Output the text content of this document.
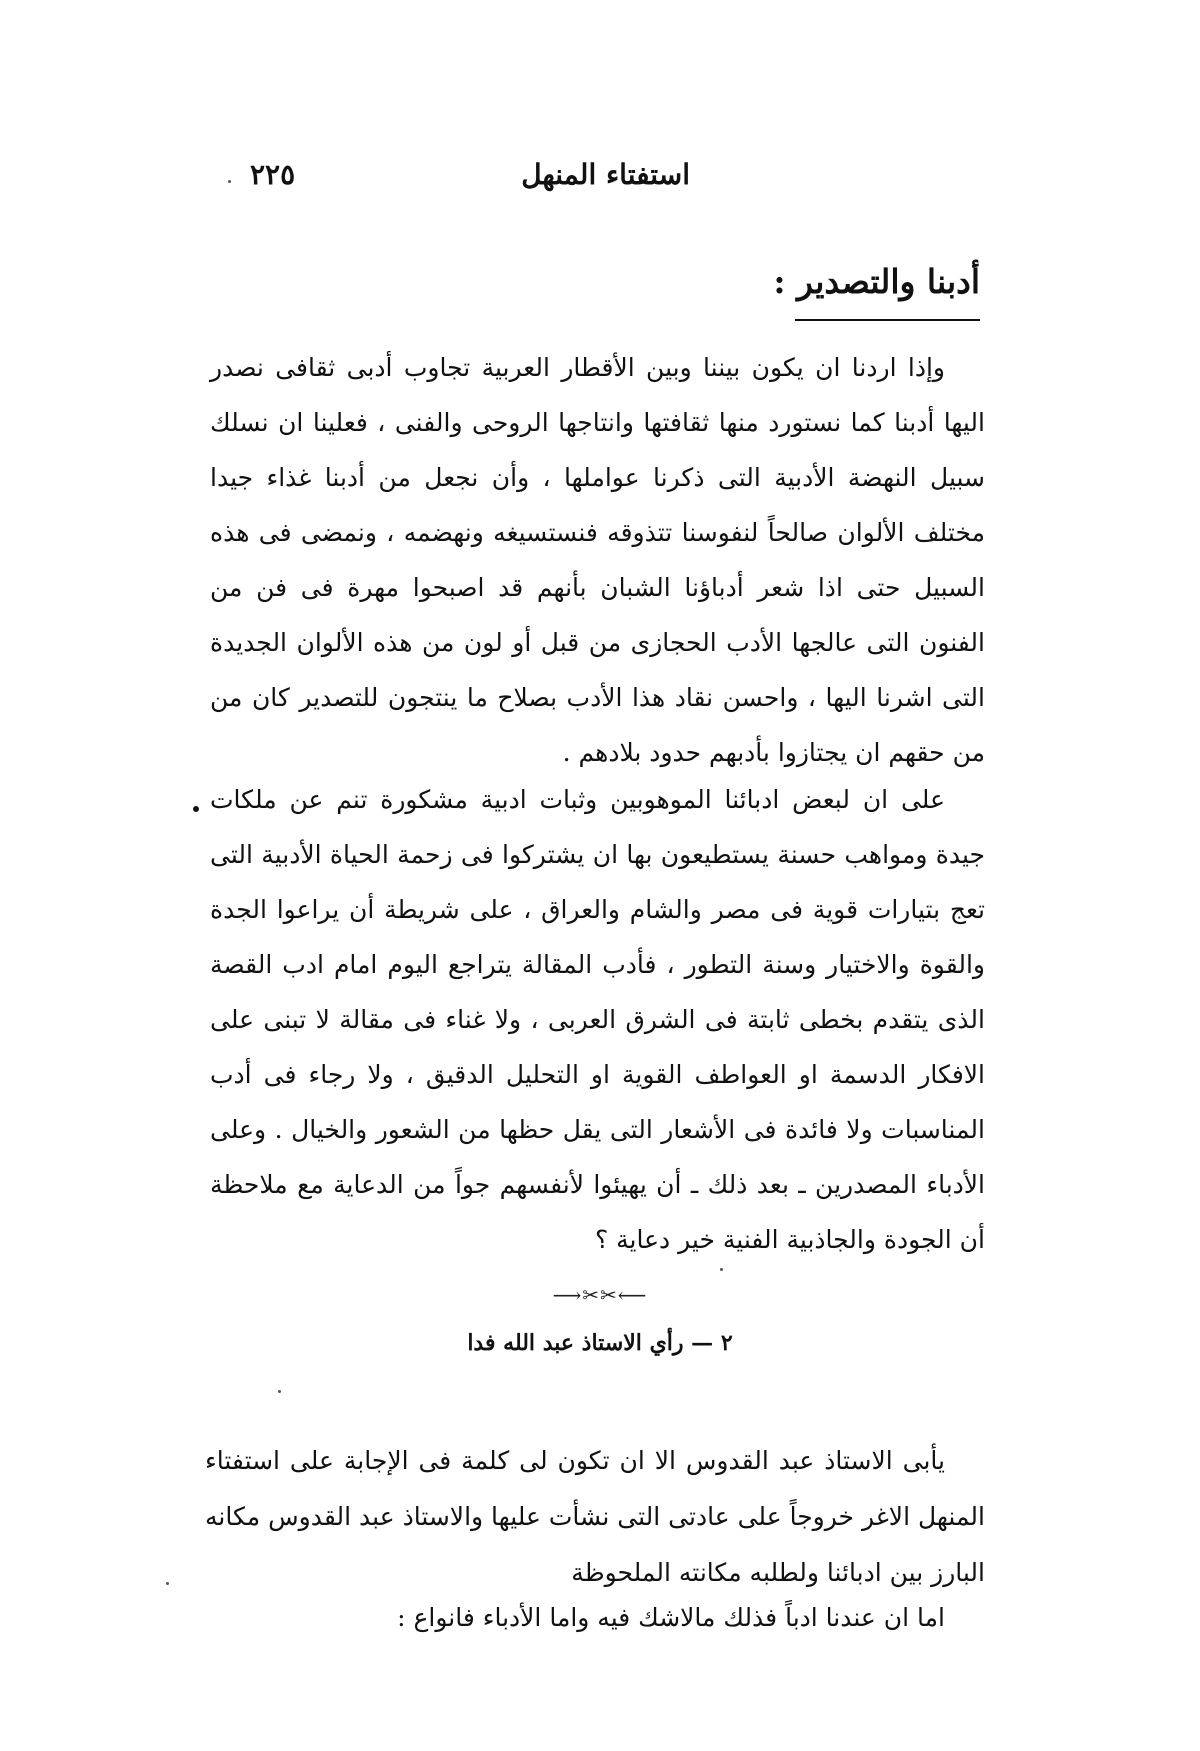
استفتاء المنهل
٢٢٥
أدبنا والتصدير :

وإذا اردنا ان يكون بيننا وبين الأقطار العربية تجاوب أدبى ثقافى نصدر اليها أدبنا كما نستورد منها ثقافتها وانتاجها الروحى والفنى ، فعلينا ان نسلك سبيل النهضة الأدبية التى ذكرنا عواملها ، وأن نجعل من أدبنا غذاء جيدا مختلف الألوان صالحاً لنفوسنا تتذوقه فنستسيغه ونهضمه ، ونمضى فى هذه السبيل حتى اذا شعر أدباؤنا الشبان بأنهم قد اصبحوا مهرة فى فن من الفنون التى عالجها الأدب الحجازى من قبل أو لون من هذه الألوان الجديدة التى اشرنا اليها ، واحسن نقاد هذا الأدب بصلاح ما ينتجون للتصدير كان من من حقهم ان يجتازوا بأدبهم حدود بلادهم .

على ان لبعض ادبائنا الموهوبين وثبات ادبية مشكورة تنم عن ملكات جيدة ومواهب حسنة يستطيعون بها ان يشتركوا فى زحمة الحياة الأدبية التى تعج بتيارات قوية فى مصر والشام والعراق ، على شريطة أن يراعوا الجدة والقوة والاختيار وسنة التطور ، فأدب المقالة يتراجع اليوم امام ادب القصة الذى يتقدم بخطى ثابتة فى الشرق العربى ، ولا غناء فى مقالة لا تبنى على الافكار الدسمة او العواطف القوية او التحليل الدقيق ، ولا رجاء فى أدب المناسبات ولا فائدة فى الأشعار التى يقل حظها من الشعور والخيال . وعلى الأدباء المصدرين ـ بعد ذلك ـ أن يهيئوا لأنفسهم جواً من الدعاية مع ملاحظة أن الجودة والجاذبية الفنية خير دعاية ؟

⟶✂✂⟵
٢ — رأي الاستاذ عبد الله فدا

يأبى الاستاذ عبد القدوس الا ان تكون لى كلمة فى الإجابة على استفتاء المنهل الاغر خروجاً على عادتى التى نشأت عليها والاستاذ عبد القدوس مكانه البارز بين ادبائنا ولطلبه مكانته الملحوظة

اما ان عندنا ادباً فذلك مالاشك فيه واما الأدباء فانواع :
